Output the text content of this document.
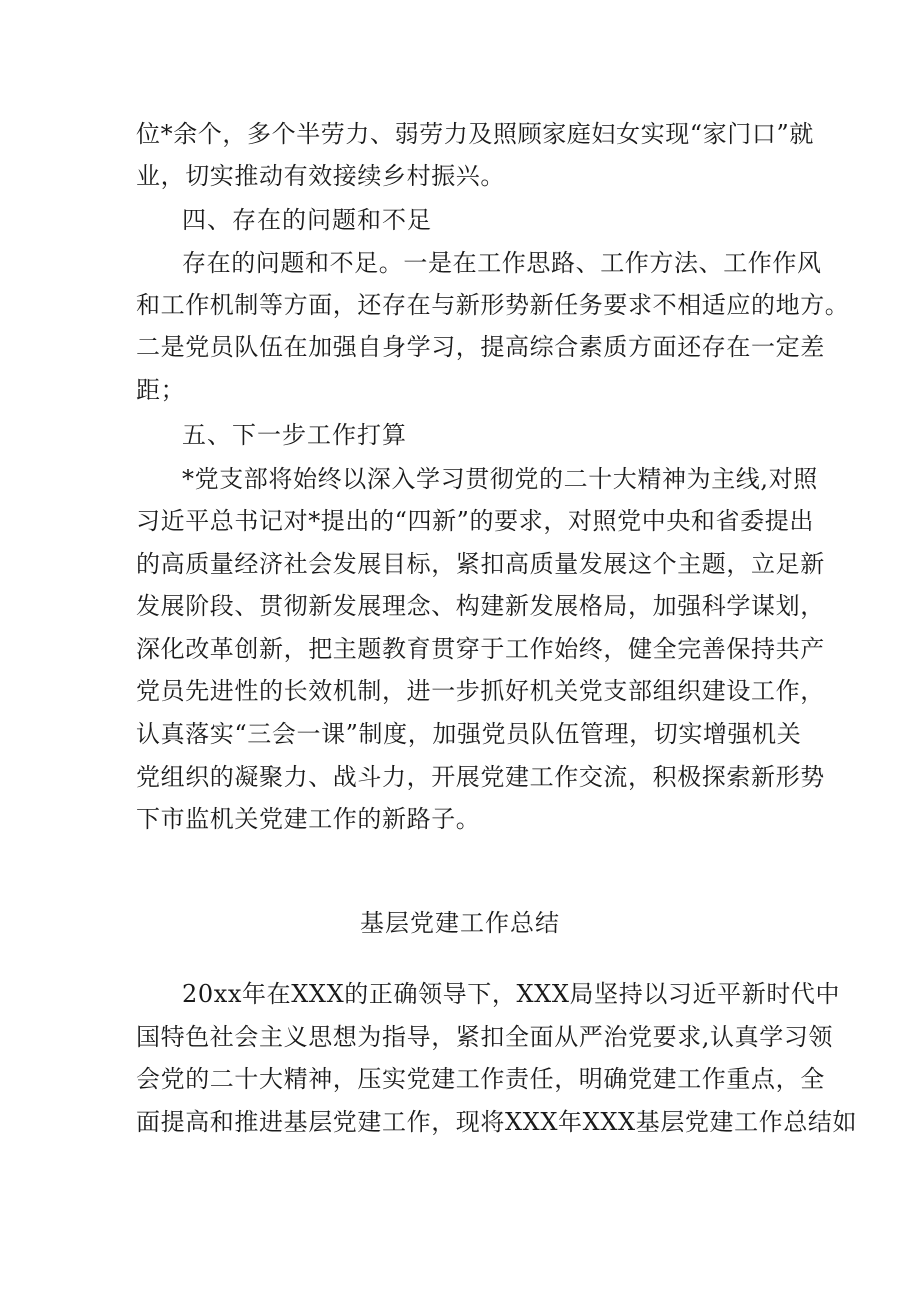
位*余个，多个半劳力、弱劳力及照顾家庭妇女实现“家门口”就
业，切实推动有效接续乡村振兴。
四、存在的问题和不足
存在的问题和不足。一是在工作思路、工作方法、工作作风
和工作机制等方面，还存在与新形势新任务要求不相适应的地方。
二是党员队伍在加强自身学习，提高综合素质方面还存在一定差
距；
五、下一步工作打算
*党支部将始终以深入学习贯彻党的二十大精神为主线,对照
习近平总书记对*提出的“四新”的要求，对照党中央和省委提出
的高质量经济社会发展目标，紧扣高质量发展这个主题，立足新
发展阶段、贯彻新发展理念、构建新发展格局，加强科学谋划，
深化改革创新，把主题教育贯穿于工作始终，健全完善保持共产
党员先进性的长效机制，进一步抓好机关党支部组织建设工作，
认真落实“三会一课”制度，加强党员队伍管理，切实增强机关
党组织的凝聚力、战斗力，开展党建工作交流，积极探索新形势
下市监机关党建工作的新路子。
基层党建工作总结
20xx年在XXX的正确领导下，XXX局坚持以习近平新时代中
国特色社会主义思想为指导，紧扣全面从严治党要求,认真学习领
会党的二十大精神，压实党建工作责任，明确党建工作重点，全
面提高和推进基层党建工作，现将XXX年XXX基层党建工作总结如
